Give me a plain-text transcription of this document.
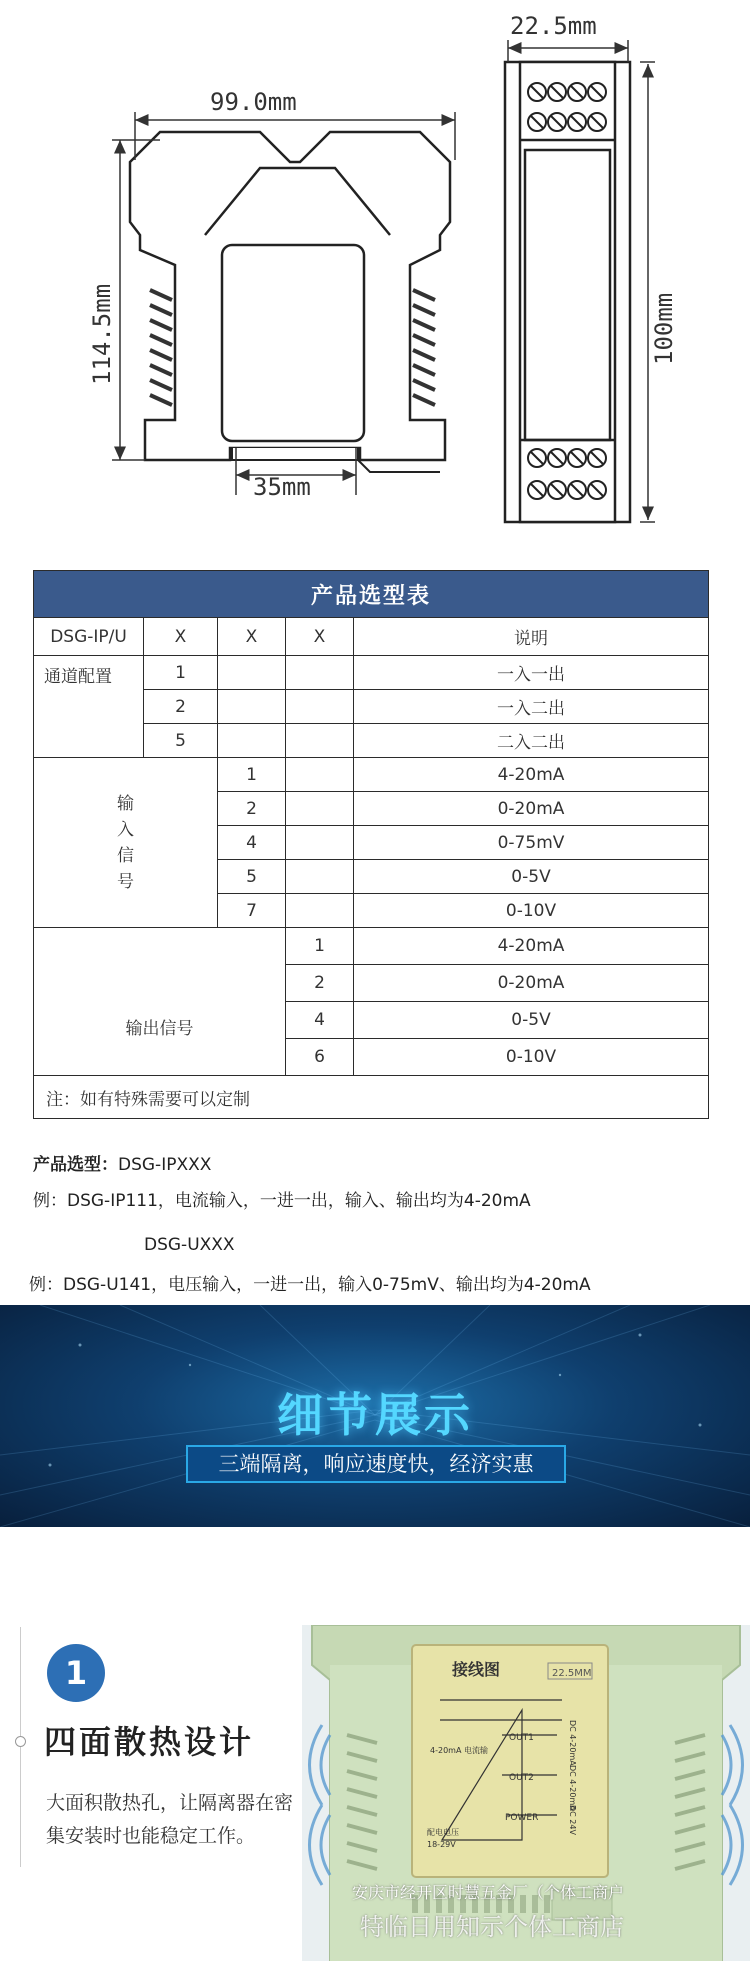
99.0mm
114.5mm
35mm
22.5mm
100mm
产品选型表				
DSG-IP/U	X	X	X	说明
通道配置	1			一入一出
	2			一入二出
	5			二入二出

输入信号		1		4-20mA
		2		0-20mA
		4		0-75mV
		5		0-5V
		7		0-10V
输出信号			1	4-20mA
			2	0-20mA
			4	0-5V
			6	0-10V
注：如有特殊需要可以定制				
产品选型：DSG-IPXXX
例：DSG-IP111，电流输入，一进一出，输入、输出均为4-20mA
DSG-UXXX
例：DSG-U141，电压输入，一进一出，输入0-75mV、输出均为4-20mA
细节展示
三端隔离，响应速度快，经济实惠
1
四面散热设计
大面积散热孔，让隔离器在密集安装时也能稳定工作。
接线图	22.5MM
OUT1
OUT2
POWER
4-20mA 电流输
配电电压
18-29V
DC 4-20mA
DC 4-20mA
DC 24V
安庆市经开区时慧五金厂（个体工商户
特临日用知示个体工商店
